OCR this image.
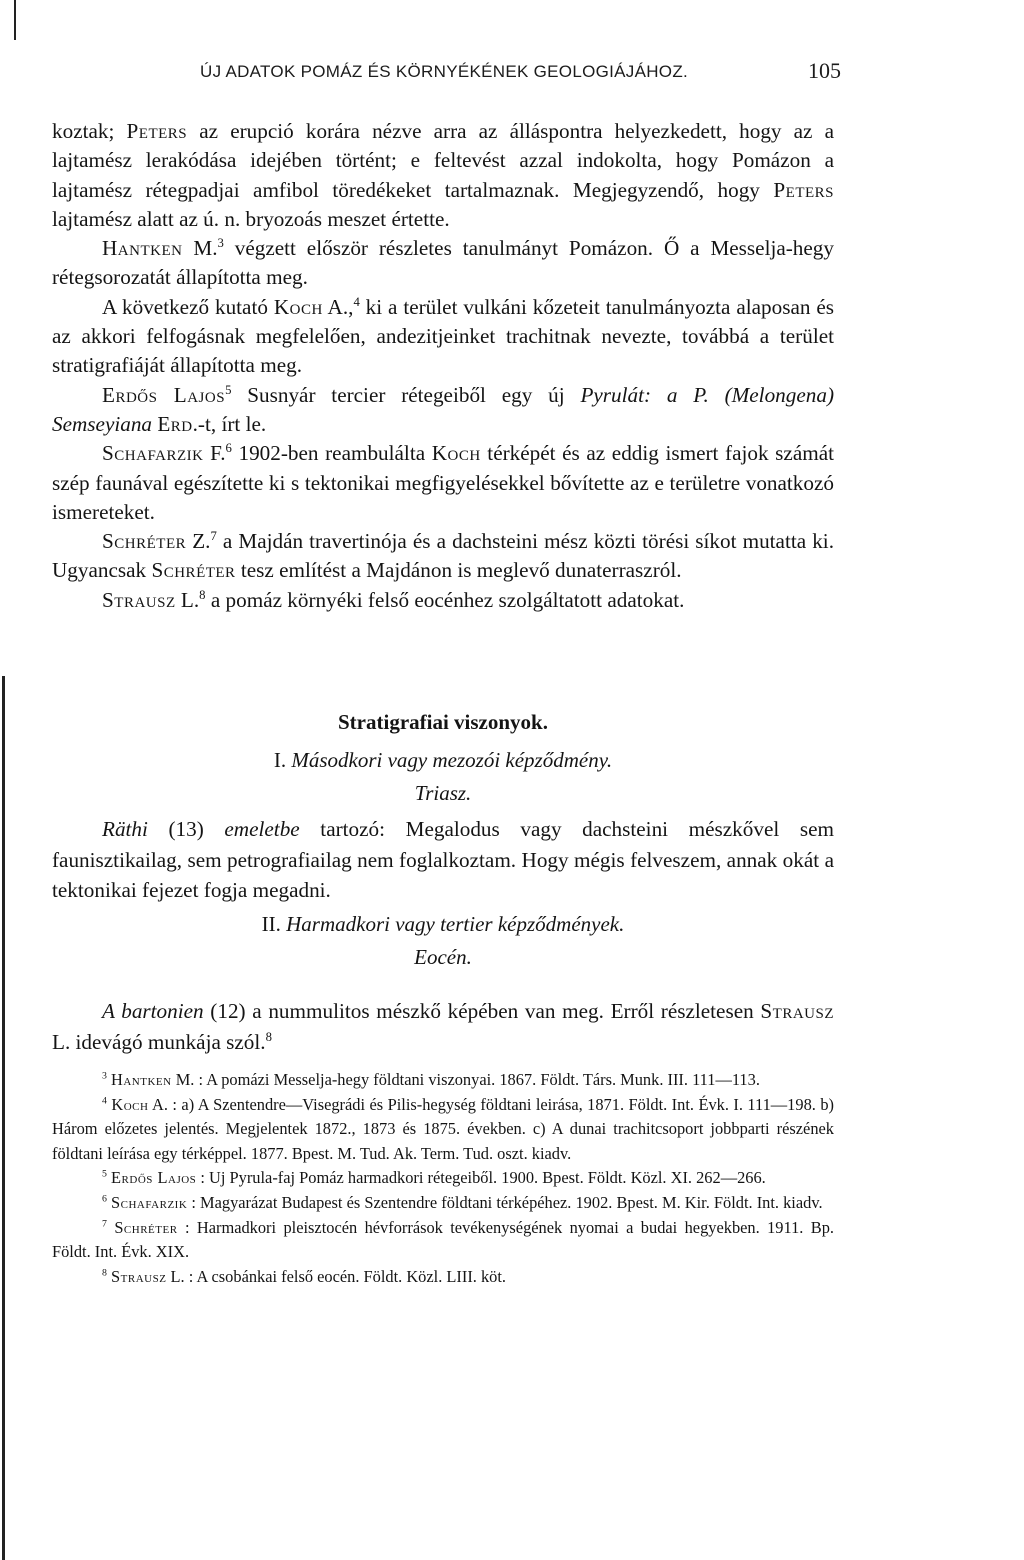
ÚJ ADATOK POMÁZ ÉS KÖRNYÉKÉNEK GEOLOGIÁJÁHOZ.	105

koztak; Peters az erupció korára nézve arra az álláspontra helyezkedett, hogy az a lajtamész lerakódása idejében történt; e feltevést azzal indokolta, hogy Pomázon a lajtamész rétegpadjai amfibol töredékeket tartalmaznak. Megjegyzendő, hogy Peters lajtamész alatt az ú. n. bryozoás meszet értette.

Hantken M.$^3$ végzett először részletes tanulmányt Pomázon. Ő a Messelja-hegy rétegsorozatát állapította meg.

A következő kutató Koch A.,$^4$ ki a terület vulkáni kőzeteit tanulmányozta alaposan és az akkori felfogásnak megfelelően, andezitjeinket trachitnak nevezte, továbbá a terület stratigrafiáját állapította meg.

Erdős Lajos$^5$ Susnyár tercier rétegeiből egy új Pyrulát: a P. (Melongena) Semseyiana Erd.-t, írt le.

Schafarzik F.$^6$ 1902-ben reambulálta Koch térképét és az eddig ismert fajok számát szép faunával egészítette ki s tektonikai megfigyelésekkel bővítette az e területre vonatkozó ismereteket.

Schréter Z.$^7$ a Majdán travertinója és a dachsteini mész közti törési síkot mutatta ki. Ugyancsak Schréter tesz említést a Majdánon is meglevő dunaterraszról.

Strausz L.$^8$ a pomáz környéki felső eocénhez szolgáltatott adatokat.

Stratigrafiai viszonyok.
I. Másodkori vagy mezozói képződmény.
Triasz.

Räthi (13) emeletbe tartozó: Megalodus vagy dachsteini mészkővel sem faunisztikailag, sem petrografiailag nem foglalkoztam. Hogy mégis felveszem, annak okát a tektonikai fejezet fogja megadni.

II. Harmadkori vagy tertier képződmények.
Eocén.

A bartonien (12) a nummulitos mészkő képében van meg. Erről részletesen Strausz L. idevágó munkája szól.$^8$

$^3$ Hantken M. : A pomázi Messelja-hegy földtani viszonyai. 1867. Földt. Társ. Munk. III. 111—113.

$^4$ Koch A. : a) A Szentendre—Visegrádi és Pilis-hegység földtani leirása, 1871. Földt. Int. Évk. I. 111—198. b) Három előzetes jelentés. Megjelentek 1872., 1873 és 1875. években. c) A dunai trachitcsoport jobbparti részének földtani leírása egy térképpel. 1877. Bpest. M. Tud. Ak. Term. Tud. oszt. kiadv.

$^5$ Erdős Lajos : Uj Pyrula-faj Pomáz harmadkori rétegeiből. 1900. Bpest. Földt. Közl. XI. 262—266.

$^6$ Schafarzik : Magyarázat Budapest és Szentendre földtani térképéhez. 1902. Bpest. M. Kir. Földt. Int. kiadv.

$^7$ Schréter : Harmadkori pleisztocén hévforrások tevékenységének nyomai a budai hegyekben. 1911. Bp. Földt. Int. Évk. XIX.

$^8$ Strausz L. : A csobánkai felső eocén. Földt. Közl. LIII. köt.
